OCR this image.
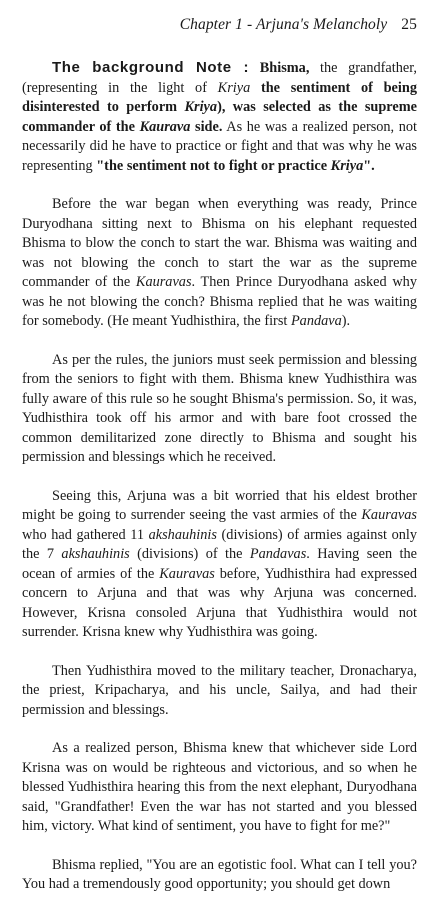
Chapter 1 - Arjuna's Melancholy 25

The background Note : Bhisma, the grandfather, (representing in the light of Kriya the sentiment of being disinterested to perform Kriya), was selected as the supreme commander of the Kaurava side. As he was a realized person, not necessarily did he have to practice or fight and that was why he was representing "the sentiment not to fight or practice Kriya".

Before the war began when everything was ready, Prince Duryodhana sitting next to Bhisma on his elephant requested Bhisma to blow the conch to start the war. Bhisma was waiting and was not blowing the conch to start the war as the supreme commander of the Kauravas. Then Prince Duryodhana asked why was he not blowing the conch? Bhisma replied that he was waiting for somebody. (He meant Yudhisthira, the first Pandava).

As per the rules, the juniors must seek permission and blessing from the seniors to fight with them. Bhisma knew Yudhisthira was fully aware of this rule so he sought Bhisma's permission. So, it was, Yudhisthira took off his armor and with bare foot crossed the common demilitarized zone directly to Bhisma and sought his permission and blessings which he received.

Seeing this, Arjuna was a bit worried that his eldest brother might be going to surrender seeing the vast armies of the Kauravas who had gathered 11 akshauhinis (divisions) of armies against only the 7 akshauhinis (divisions) of the Pandavas. Having seen the ocean of armies of the Kauravas before, Yudhisthira had expressed concern to Arjuna and that was why Arjuna was concerned. However, Krisna consoled Arjuna that Yudhisthira would not surrender. Krisna knew why Yudhisthira was going.

Then Yudhisthira moved to the military teacher, Dronacharya, the priest, Kripacharya, and his uncle, Sailya, and had their permission and blessings.

As a realized person, Bhisma knew that whichever side Lord Krisna was on would be righteous and victorious, and so when he blessed Yudhisthira hearing this from the next elephant, Duryodhana said, "Grandfather! Even the war has not started and you blessed him, victory. What kind of sentiment, you have to fight for me?"

Bhisma replied, "You are an egotistic fool. What can I tell you? You had a tremendously good opportunity; you should get down
